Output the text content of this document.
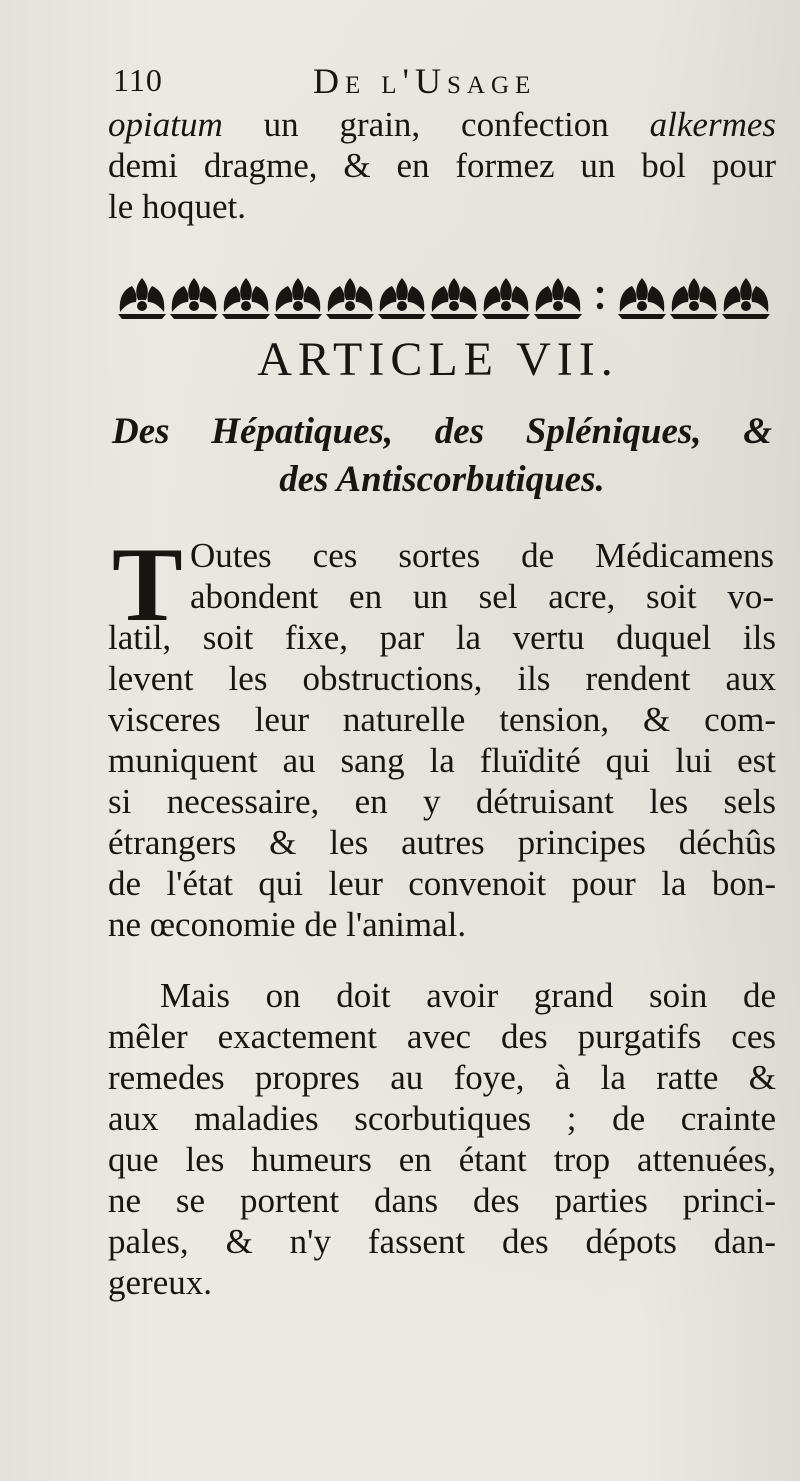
110	De l'Usage
opiatum un grain, confection alkermes
demi dragme, & en formez un bol pour
le hoquet.
ARTICLE VII.
Des Hépatiques, des Spléniques, &
des Antiscorbutiques.
T Outes ces sortes de Médicamens
abondent en un sel acre, soit vo-
latil, soit fixe, par la vertu duquel ils
levent les obstructions, ils rendent aux
visceres leur naturelle tension, & com-
muniquent au sang la fluïdité qui lui est
si necessaire, en y détruisant les sels
étrangers & les autres principes déchûs
de l'état qui leur convenoit pour la bon-
ne œconomie de l'animal.
Mais on doit avoir grand soin de
mêler exactement avec des purgatifs ces
remedes propres au foye, à la ratte &
aux maladies scorbutiques ; de crainte
que les humeurs en étant trop attenuées,
ne se portent dans des parties princi-
pales, & n'y fassent des dépots dan-
gereux.
